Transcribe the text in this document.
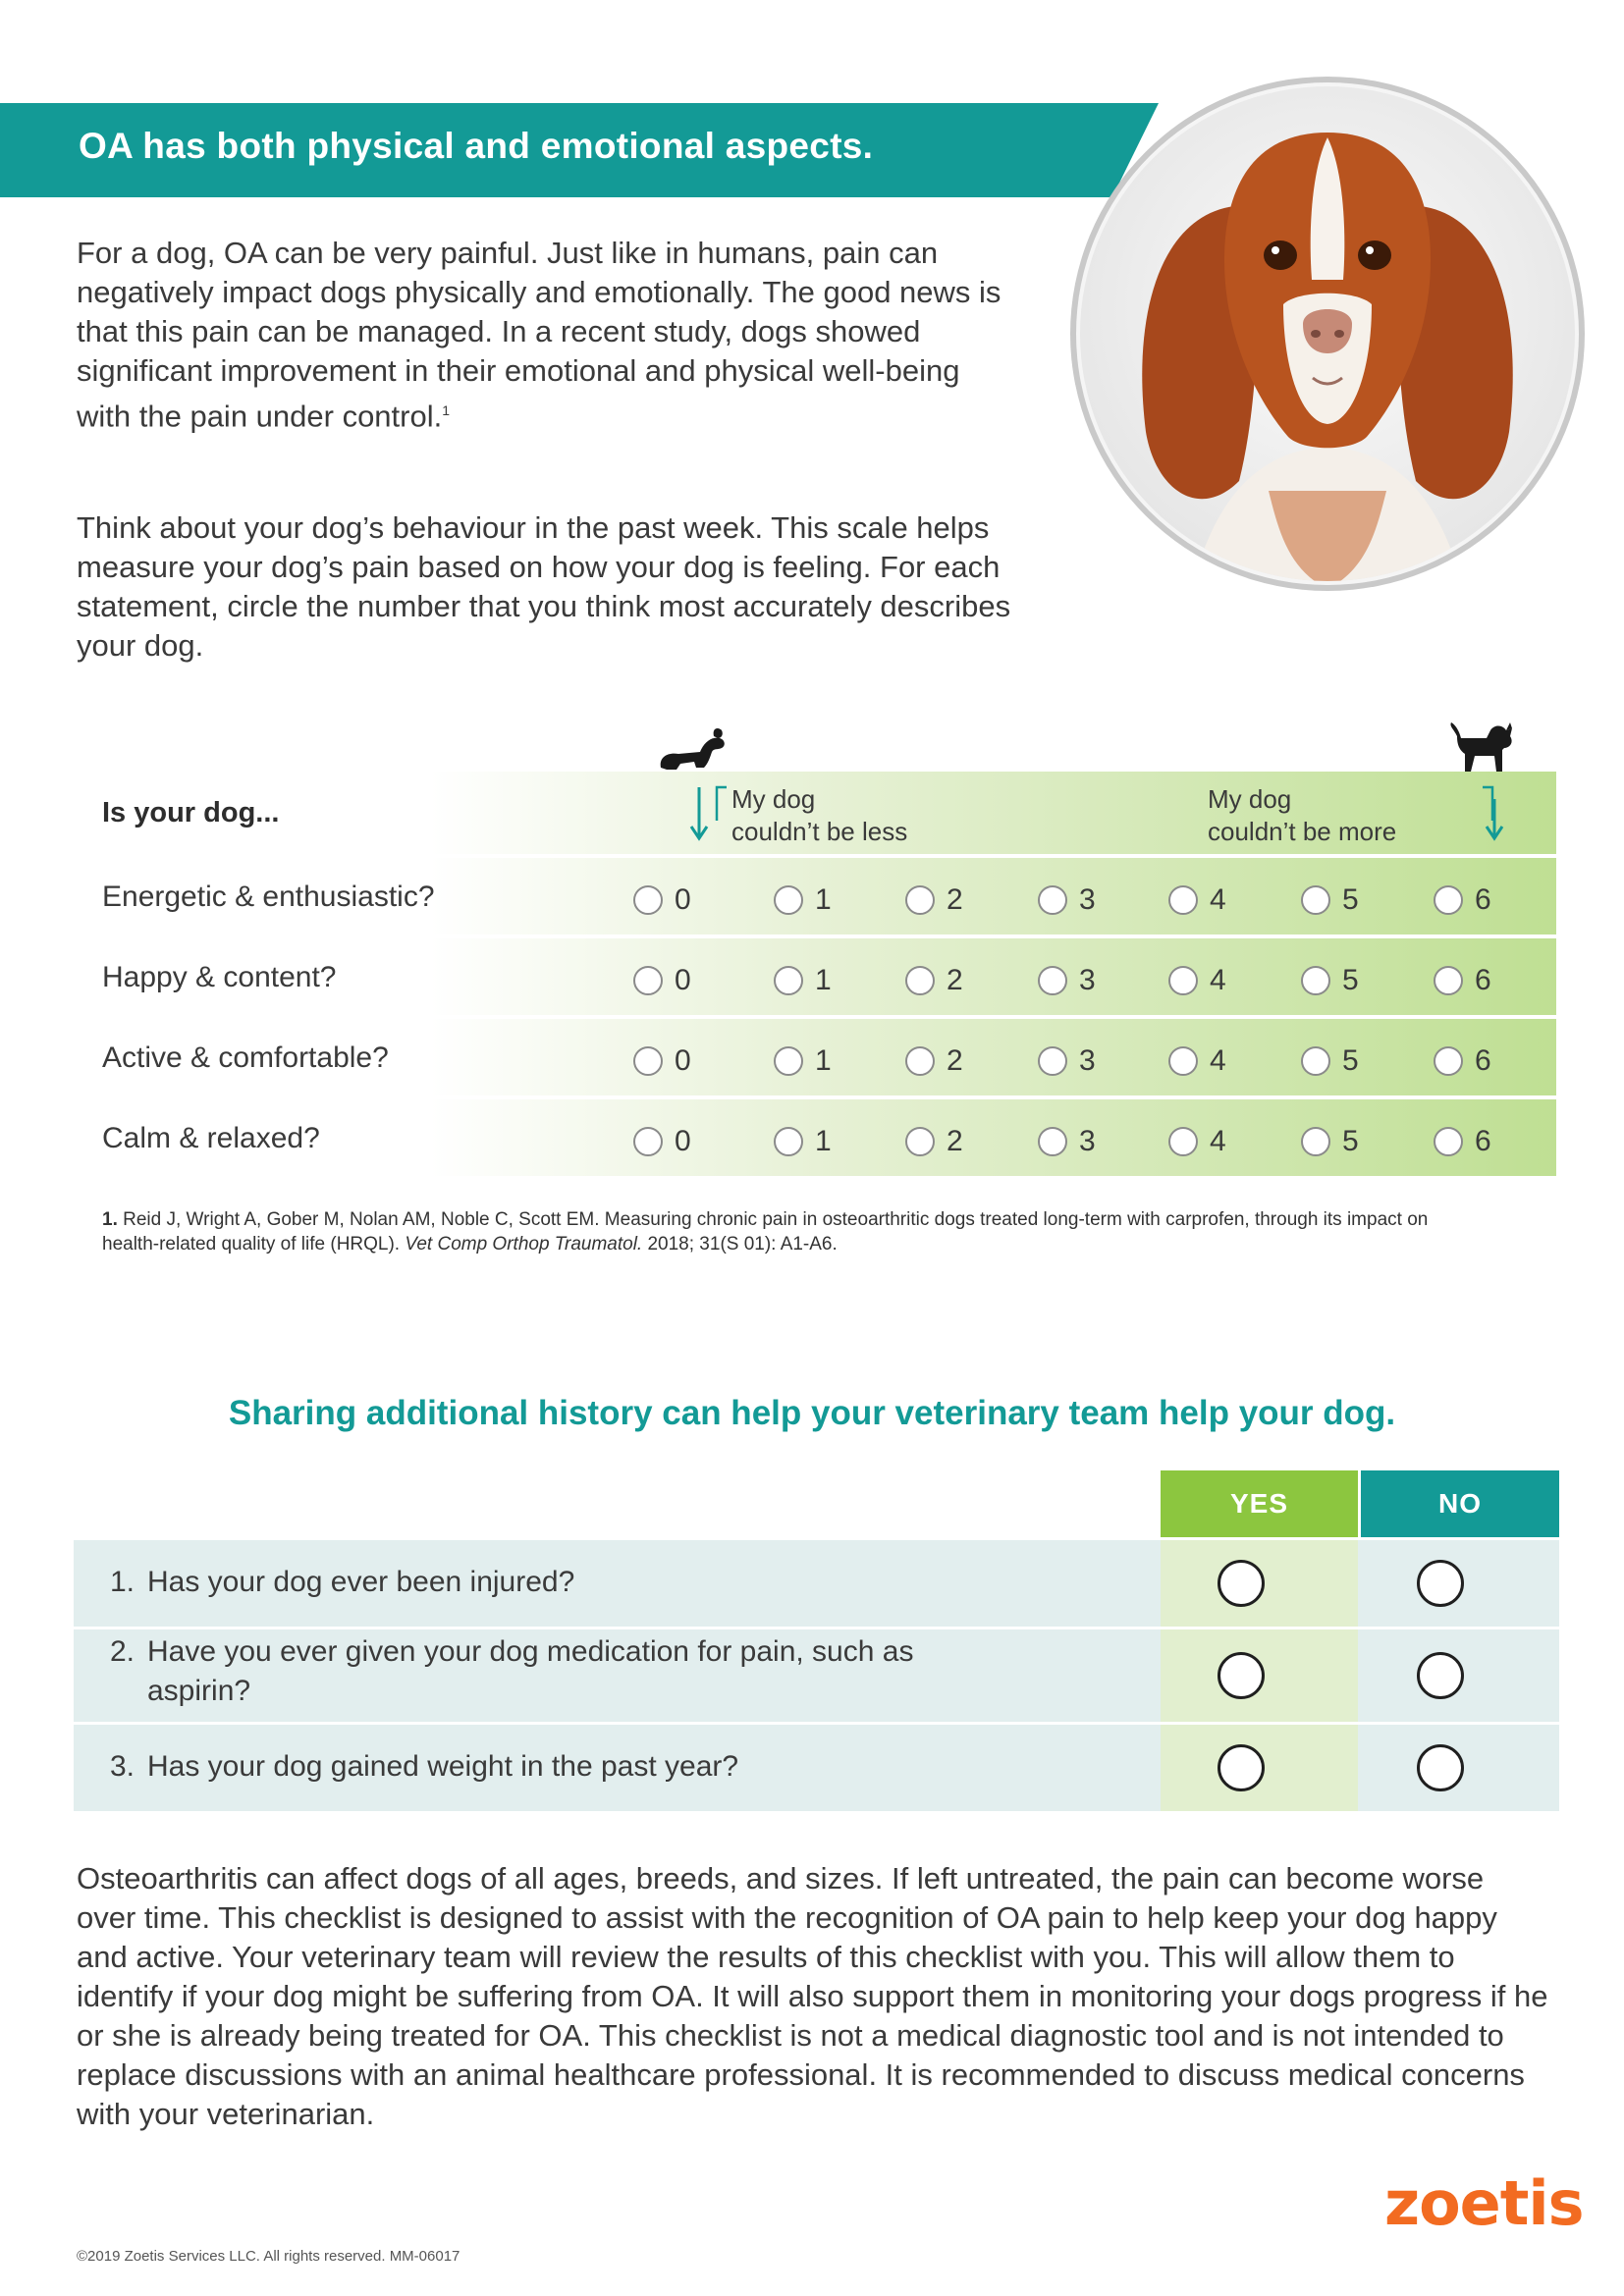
OA has both physical and emotional aspects.

For a dog, OA can be very painful. Just like in humans, pain can negatively impact dogs physically and emotionally. The good news is that this pain can be managed. In a recent study, dogs showed significant improvement in their emotional and physical well-being with the pain under control.$^1$

Think about your dog’s behaviour in the past week. This scale helps measure your dog’s pain based on how your dog is feeling. For each statement, circle the number that you think most accurately describes your dog.

Is your dog...	My dog
couldn’t be less
My dog
couldn’t be more
Energetic & enthusiastic?	0	1	2	3	4	5	6
Happy & content?	0	1	2	3	4	5	6
Active & comfortable?	0	1	2	3	4	5	6
Calm & relaxed?	0	1	2	3	4	5	6
1. Reid J, Wright A, Gober M, Nolan AM, Noble C, Scott EM. Measuring chronic pain in osteoarthritic dogs treated long-term with carprofen, through its impact on health-related quality of life (HRQL). Vet Comp Orthop Traumatol. 2018; 31(S 01): A1-A6.
Sharing additional history can help your veterinary team help your dog.
YES	NO
1. Has your dog ever been injured?
2. Have you ever given your dog medication for pain, such as aspirin?
3. Has your dog gained weight in the past year?

Osteoarthritis can affect dogs of all ages, breeds, and sizes. If left untreated, the pain can become worse over time. This checklist is designed to assist with the recognition of OA pain to help keep your dog happy and active. Your veterinary team will review the results of this checklist with you. This will allow them to identify if your dog might be suffering from OA. It will also support them in monitoring your dogs progress if he or she is already being treated for OA. This checklist is not a medical diagnostic tool and is not intended to replace discussions with an animal healthcare professional. It is recommended to discuss medical concerns with your veterinarian.

zoetis
©2019 Zoetis Services LLC. All rights reserved. MM-06017
